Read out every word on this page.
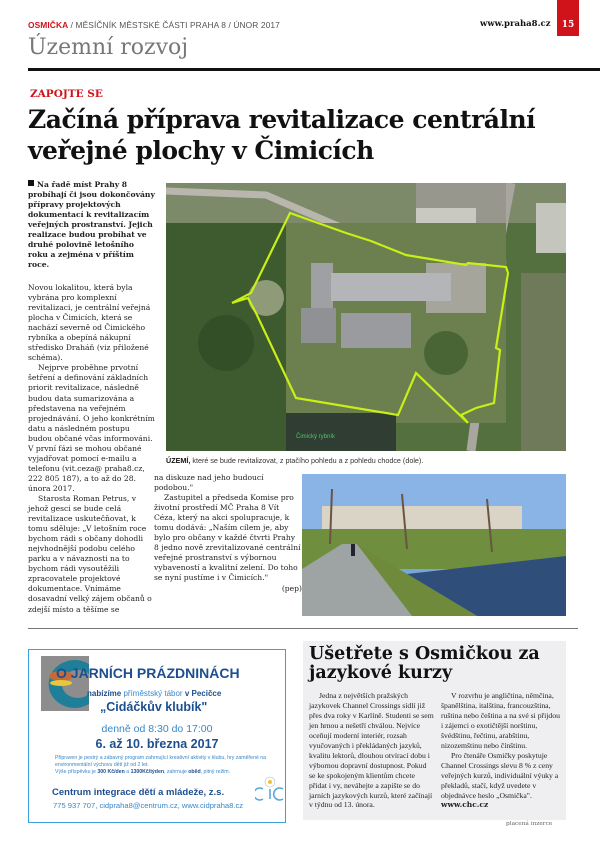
OSMIČKA / MĚSÍČNÍK MĚSTSKÉ ČÁSTI PRAHA 8 / ÚNOR 2017	www.praha8.cz	15
Územní rozvoj
ZAPOJTE SE
Začíná příprava revitalizace centrální veřejné plochy v Čimicích
Na řadě míst Prahy 8 probíhají či jsou dokončovány přípravy projektových dokumentací k revitalizacím veřejných prostranství. Jejich realizace budou probíhat ve druhé polovině letošního roku a zejména v příštím roce.

Novou lokalitou, která byla vybrána pro komplexní revitalizaci, je centrální veřejná plocha v Čimicích, která se nachází severně od Čimického rybníka a obepíná nákupní středisko Draháň (viz přiložené schéma).

Nejprve proběhne prvotní šetření a definování základních priorit revitalizace, následně budou data sumarizována a představena na veřejném projednávání. O jeho konkrétním datu a následném postupu budou občané včas informováni. V první fázi se mohou občané vyjadřovat pomocí e-mailu a telefonu (vit.ceza@ praha8.cz, 222 805 187), a to až do 28. února 2017.

Starosta Roman Petrus, v jehož gesci se bude celá revitalizace uskutečňovat, k tomu sděluje: „V letošním roce bychom rádi s občany dohodli nejvhodnější podobu celého parku a v návaznosti na to bychom rádi vysoutěžili zpracovatele projektové dokumentace. Vnímáme dosavadní velký zájem občanů o zdejší místo a těšíme se

na diskuze nad jeho budoucí podobou."

Zastupitel a předseda Komise pro životní prostředí MČ Praha 8 Vít Céza, který na akci spolupracuje, k tomu dodává: „Naším cílem je, aby bylo pro občany v každé čtvrti Prahy 8 jedno nově zrevitalizované centrální veřejné prostranství s výbornou vybaveností a kvalitní zelení. Do toho se nyní pustíme i v Čimicích."

(pep)

Čimický rybník
ÚZEMÍ, které se bude revitalizovat, z ptačího pohledu a z pohledu chodce (dole).
O JARNÍCH PRÁZDNINÁCH
nabízíme příměstský tábor v Pecičce
„Cidáčkův klubík"
denně od 8:30 do 17:00
6. až 10. března 2017
Připraven je pestrý a zábavný program zahrnující kreativní aktivity v klubu, hry zaměřené na environmentální výchovu dětí již od 2 let.
Výše příspěvku je 300 Kč/den a 1300Kč/týden, zahrnuje oběd, pitný režim.
Centrum integrace dětí a mládeže, z.s.
775 937 707, cidpraha8@centrum.cz, www.cidpraha8.cz
Ušetřete s Osmičkou za jazykové kurzy

Jedna z největších pražských jazykovek Channel Crossings sídlí již přes dva roky v Karlíně. Studenti se sem jen hrnou a nešetří chválou. Nejvíce oceňují moderní interiér, rozsah vyučovaných i překládaných jazyků, kvalitu lektorů, dlouhou otvírací dobu i výbornou dopravní dostupnost. Pokud se ke spokojeným klientům chcete přidat i vy, neváhejte a zapište se do jarních jazykových kurzů, které začínají v týdnu od 13. února.

V rozvrhu je angličtina, němčina, španělština, italština, francouzština, ruština nebo čeština a na své si přijdou i zájemci o exotičtější norštinu, švédštinu, řečtinu, arabštinu, nizozemštinu nebo čínštinu.

Pro čtenáře Osmičky poskytuje Channel Crossings slevu 8 % z ceny veřejných kurzů, individuální výuky a překladů, stačí, když uvedete v objednávce heslo „Osmička".

www.chc.cz

placená inzerce
